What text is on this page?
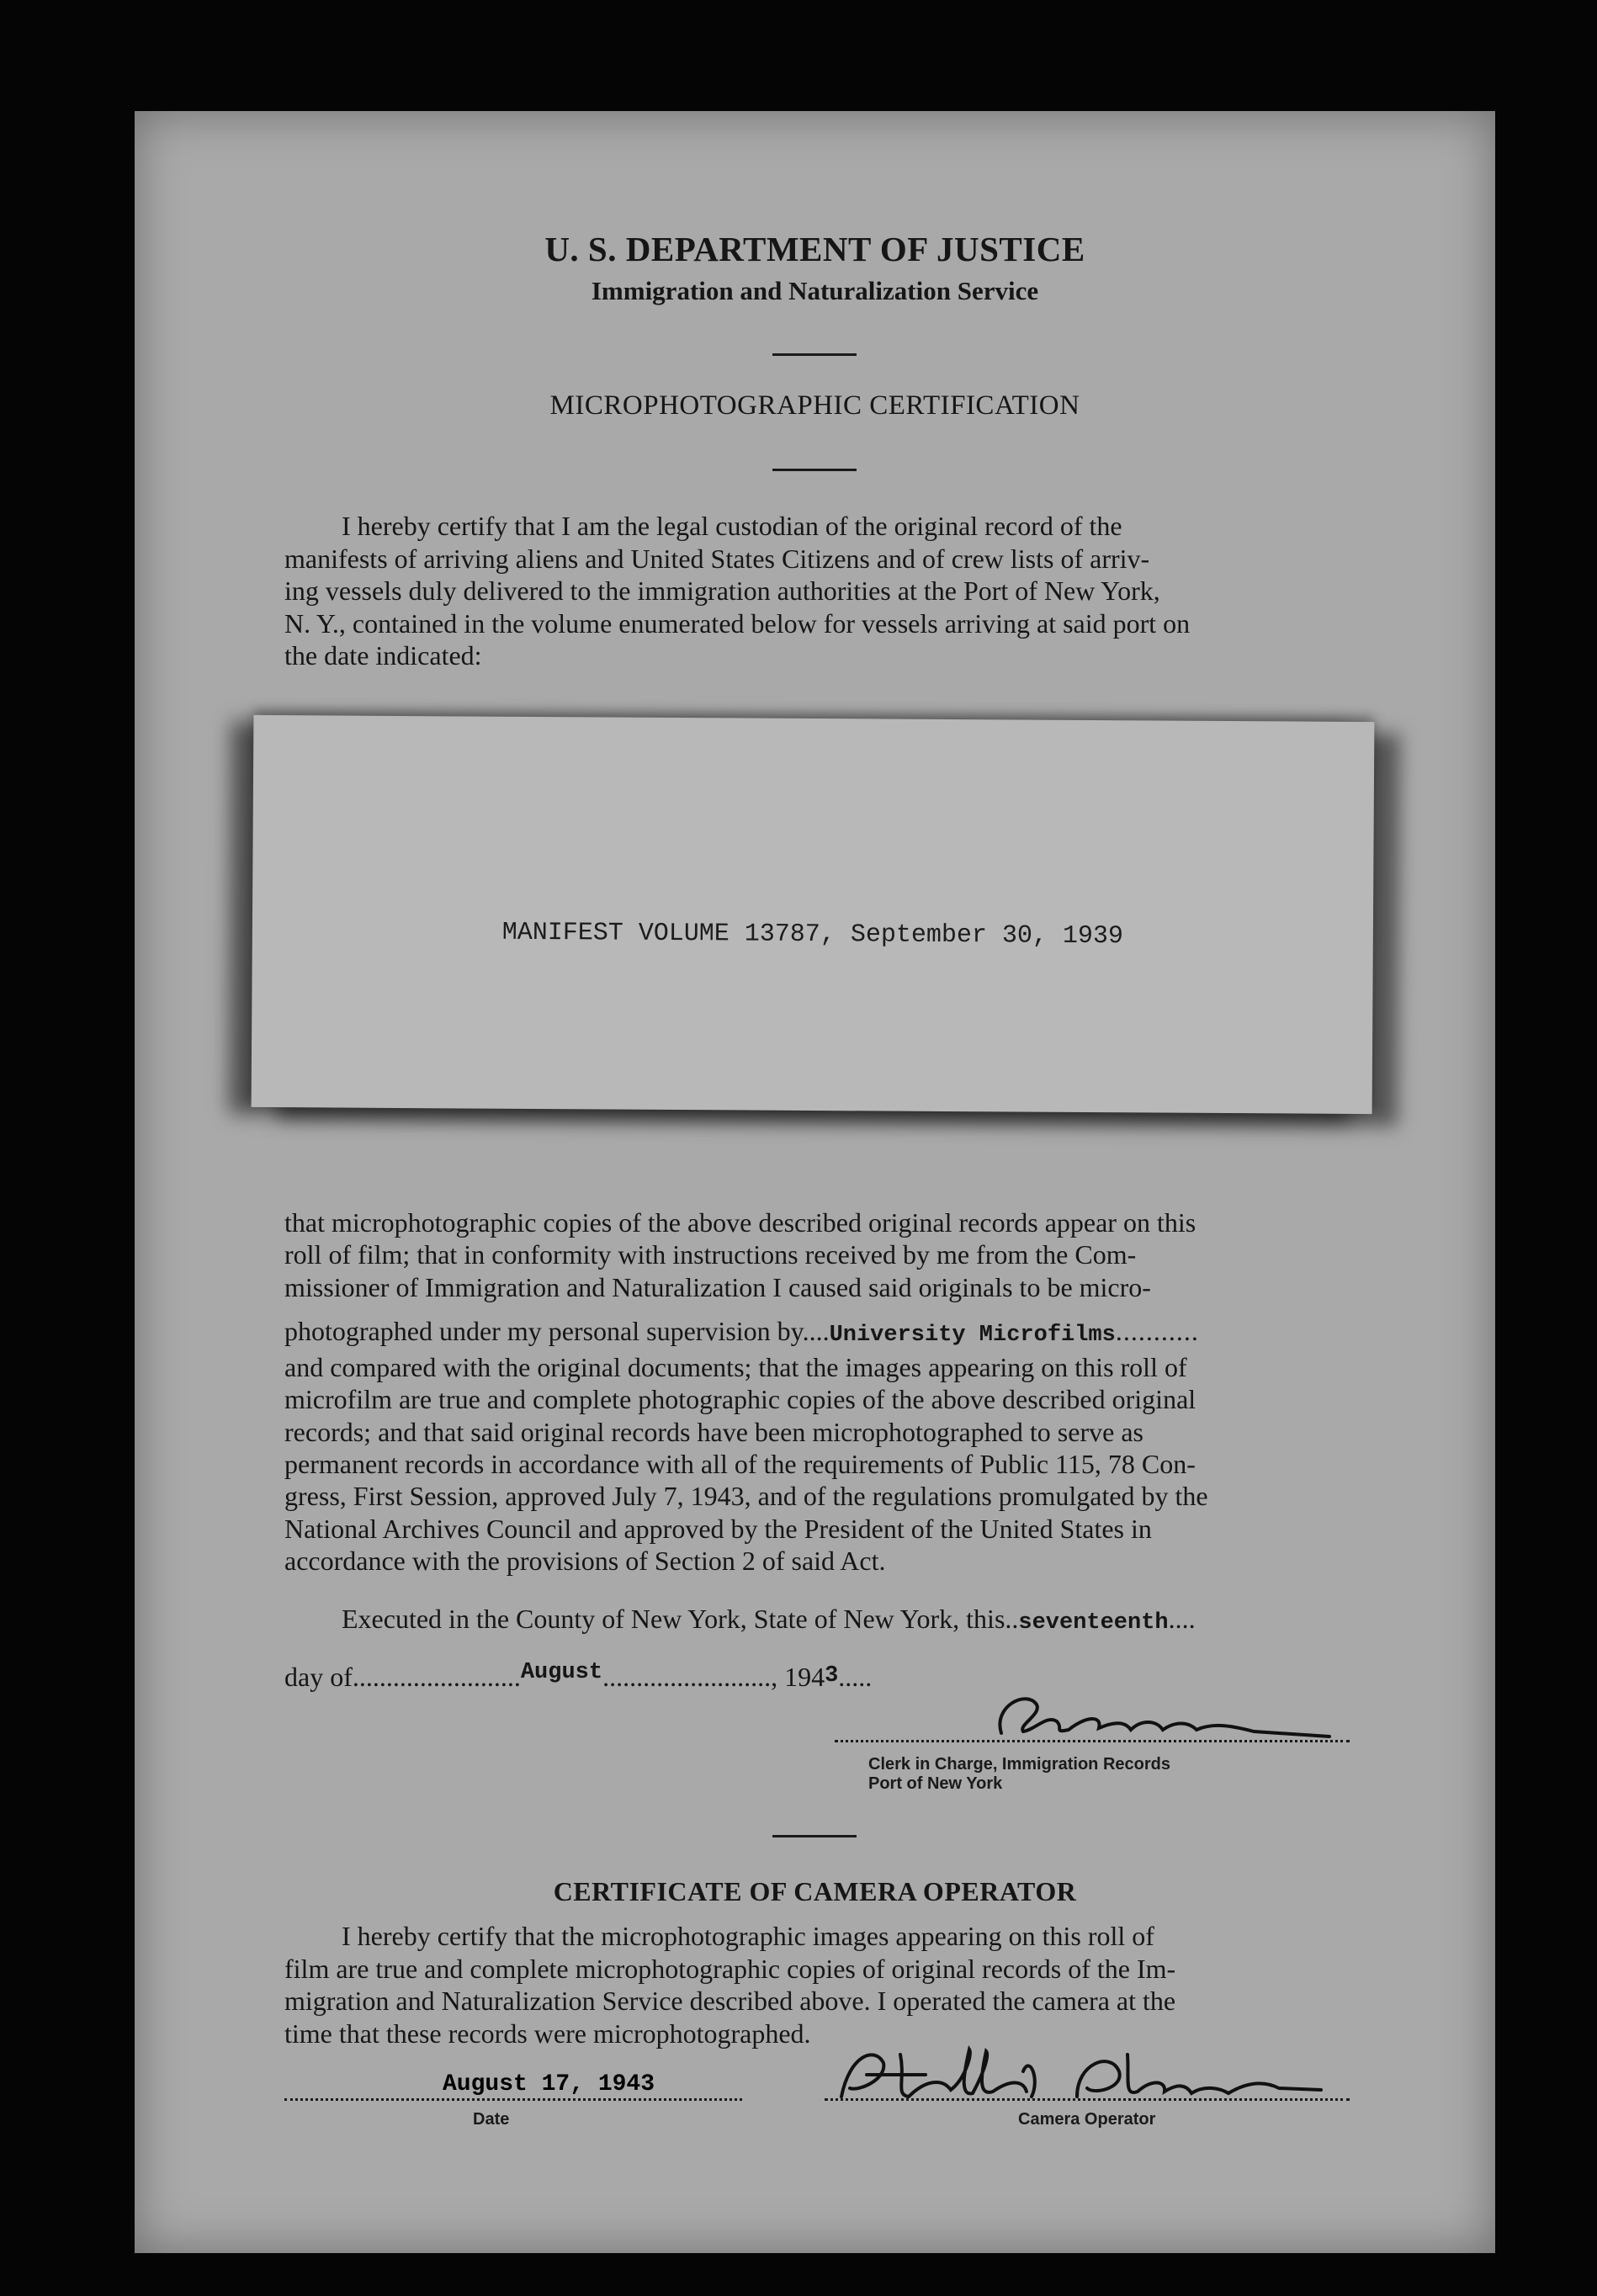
U. S. DEPARTMENT OF JUSTICE
Immigration and Naturalization Service
MICROPHOTOGRAPHIC CERTIFICATION
I hereby certify that I am the legal custodian of the original record of the
manifests of arriving aliens and United States Citizens and of crew lists of arriv-
ing vessels duly delivered to the immigration authorities at the Port of New York,
N. Y., contained in the volume enumerated below for vessels arriving at said port on
the date indicated:
MANIFEST VOLUME 13787, September 30, 1939
that microphotographic copies of the above described original records appear on this
roll of film; that in conformity with instructions received by me from the Com-
missioner of Immigration and Naturalization I caused said originals to be micro-
photographed under my personal supervision by....University Microfilms...........
and compared with the original documents; that the images appearing on this roll of
microfilm are true and complete photographic copies of the above described original
records; and that said original records have been microphotographed to serve as
permanent records in accordance with all of the requirements of Public 115, 78 Con-
gress, First Session, approved July 7, 1943, and of the regulations promulgated by the
National Archives Council and approved by the President of the United States in
accordance with the provisions of Section 2 of said Act.
Executed in the County of New York, State of New York, this..seventeenth....
day of.........................$^{August}$........................., 1943.....
Clerk in Charge, Immigration Records
Port of New York
CERTIFICATE OF CAMERA OPERATOR
I hereby certify that the microphotographic images appearing on this roll of
film are true and complete microphotographic copies of original records of the Im-
migration and Naturalization Service described above. I operated the camera at the
time that these records were microphotographed.
August 17, 1943
Date	Camera Operator
